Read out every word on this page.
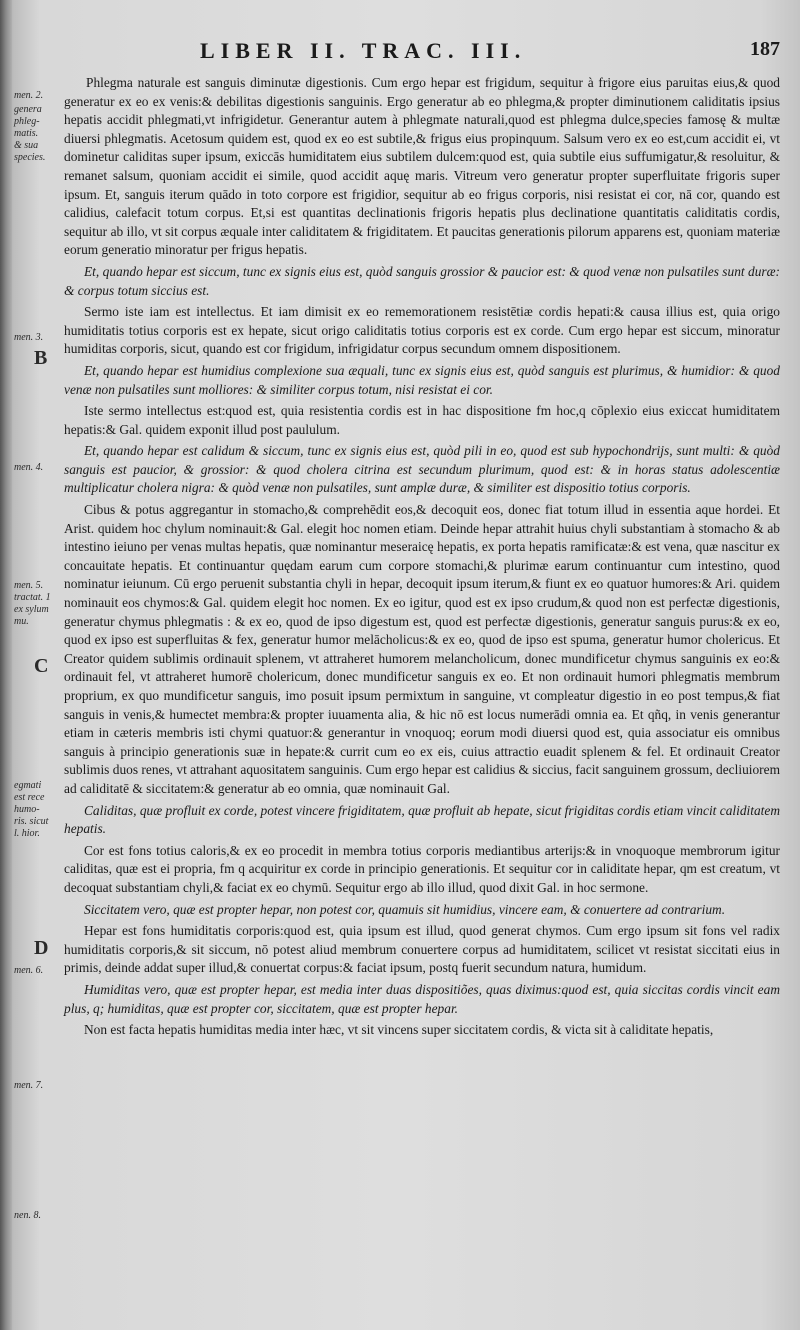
LIBER II. TRAC. III.	187
men. 2.
genera
phleg-
matis.
& sua
species.
men. 3.
men. 4.
men. 5.
tractat. 1
ex sylum
mu.
egmati
est rece
humo-
ris. sicut
l. hior.
men. 6.
men. 7.
nen. 8.
B
C
D

Phlegma naturale est sanguis diminutæ digestionis. Cum ergo hepar est frigidum, sequitur à frigore eius paruitas eius,& quod generatur ex eo ex venis:& debilitas digestionis sanguinis. Ergo generatur ab eo phlegma,& propter diminutionem caliditatis ipsius hepatis accidit phlegmati,vt infrigidetur. Generantur autem à phlegmate naturali,quod est phlegma dulce,species famosę & multæ diuersi phlegmatis. Acetosum quidem est, quod ex eo est subtile,& frigus eius propinquum. Salsum vero ex eo est,cum accidit ei, vt dominetur caliditas super ipsum, exiccās humiditatem eius subtilem dulcem:quod est, quia subtile eius suffumigatur,& resoluitur, & remanet salsum, quoniam accidit ei simile, quod accidit aquę maris. Vitreum vero generatur propter superfluitate frigoris super ipsum. Et, sanguis iterum quādo in toto corpore est frigidior, sequitur ab eo frigus corporis, nisi resistat ei cor, nā cor, quando est calidius, calefacit totum corpus. Et,si est quantitas declinationis frigoris hepatis plus declinatione quantitatis caliditatis cordis, sequitur ab illo, vt sit corpus æquale inter caliditatem & frigiditatem. Et paucitas generationis pilorum apparens est, quoniam materiæ eorum generatio minoratur per frigus hepatis.

Et, quando hepar est siccum, tunc ex signis eius est, quòd sanguis grossior & paucior est: & quod venæ non pulsatiles sunt duræ: & corpus totum siccius est.

Sermo iste iam est intellectus. Et iam dimisit ex eo rememorationem resistētiæ cordis hepati:& causa illius est, quia origo humiditatis totius corporis est ex hepate, sicut origo caliditatis totius corporis est ex corde. Cum ergo hepar est siccum, minoratur humiditas corporis, sicut, quando est cor frigidum, infrigidatur corpus secundum omnem dispositionem.

Et, quando hepar est humidius complexione sua æquali, tunc ex signis eius est, quòd sanguis est plurimus, & humidior: & quod venæ non pulsatiles sunt molliores: & similiter corpus totum, nisi resistat ei cor.

Iste sermo intellectus est:quod est, quia resistentia cordis est in hac dispositione fm hoc,q cōplexio eius exiccat humiditatem hepatis:& Gal. quidem exponit illud post paululum.

Et, quando hepar est calidum & siccum, tunc ex signis eius est, quòd pili in eo, quod est sub hypochondrijs, sunt multi: & quòd sanguis est paucior, & grossior: & quod cholera citrina est secundum plurimum, quod est: & in horas status adolescentiæ multiplicatur cholera nigra: & quòd venæ non pulsatiles, sunt amplæ duræ, & similiter est dispositio totius corporis.

Cibus & potus aggregantur in stomacho,& comprehēdit eos,& decoquit eos, donec fiat totum illud in essentia aque hordei. Et Arist. quidem hoc chylum nominauit:& Gal. elegit hoc nomen etiam. Deinde hepar attrahit huius chyli substantiam à stomacho & ab intestino ieiuno per venas multas hepatis, quæ nominantur meseraicę hepatis, ex porta hepatis ramificatæ:& est vena, quæ nascitur ex concauitate hepatis. Et continuantur quędam earum cum corpore stomachi,& plurimæ earum continuantur cum intestino, quod nominatur ieiunum. Cū ergo peruenit substantia chyli in hepar, decoquit ipsum iterum,& fiunt ex eo quatuor humores:& Ari. quidem nominauit eos chymos:& Gal. quidem elegit hoc nomen. Ex eo igitur, quod est ex ipso crudum,& quod non est perfectæ digestionis, generatur chymus phlegmatis : & ex eo, quod de ipso digestum est, quod est perfectæ digestionis, generatur sanguis purus:& ex eo, quod ex ipso est superfluitas & fex, generatur humor melācholicus:& ex eo, quod de ipso est spuma, generatur humor cholericus. Et Creator quidem sublimis ordinauit splenem, vt attraheret humorem melancholicum, donec mundificetur chymus sanguinis ex eo:& ordinauit fel, vt attraheret humorē cholericum, donec mundificetur sanguis ex eo. Et non ordinauit humori phlegmatis membrum proprium, ex quo mundificetur sanguis, imo posuit ipsum permixtum in sanguine, vt compleatur digestio in eo post tempus,& fiat sanguis in venis,& humectet membra:& propter iuuamenta alia, & hic nō est locus numerādi omnia ea. Et qñq, in venis generantur etiam in cæteris membris isti chymi quatuor:& generantur in vnoquoq; eorum modi diuersi quod est, quia associatur eis omnibus sanguis à principio generationis suæ in hepate:& currit cum eo ex eis, cuius attractio euadit splenem & fel. Et ordinauit Creator sublimis duos renes, vt attrahant aquositatem sanguinis. Cum ergo hepar est calidius & siccius, facit sanguinem grossum, decliuiorem ad caliditatē & siccitatem:& generatur ab eo omnia, quæ nominauit Gal.

Caliditas, quæ profluit ex corde, potest vincere frigiditatem, quæ profluit ab hepate, sicut frigiditas cordis etiam vincit caliditatem hepatis.

Cor est fons totius caloris,& ex eo procedit in membra totius corporis mediantibus arterijs:& in vnoquoque membrorum igitur caliditas, quæ est ei propria, fm q acquiritur ex corde in principio generationis. Et sequitur cor in caliditate hepar, qm est creatum, vt decoquat substantiam chyli,& faciat ex eo chymū. Sequitur ergo ab illo illud, quod dixit Gal. in hoc sermone.

Siccitatem vero, quæ est propter hepar, non potest cor, quamuis sit humidius, vincere eam, & conuertere ad contrarium.

Hepar est fons humiditatis corporis:quod est, quia ipsum est illud, quod generat chymos. Cum ergo ipsum sit fons vel radix humiditatis corporis,& sit siccum, nō potest aliud membrum conuertere corpus ad humiditatem, scilicet vt resistat siccitati eius in primis, deinde addat super illud,& conuertat corpus:& faciat ipsum, postq fuerit secundum natura, humidum.

Humiditas vero, quæ est propter hepar, est media inter duas dispositiões, quas diximus:quod est, quia siccitas cordis vincit eam plus, q; humiditas, quæ est propter cor, siccitatem, quæ est propter hepar.

Non est facta hepatis humiditas media inter hæc, vt sit vincens super siccitatem cordis, & victa sit à caliditate hepatis,
